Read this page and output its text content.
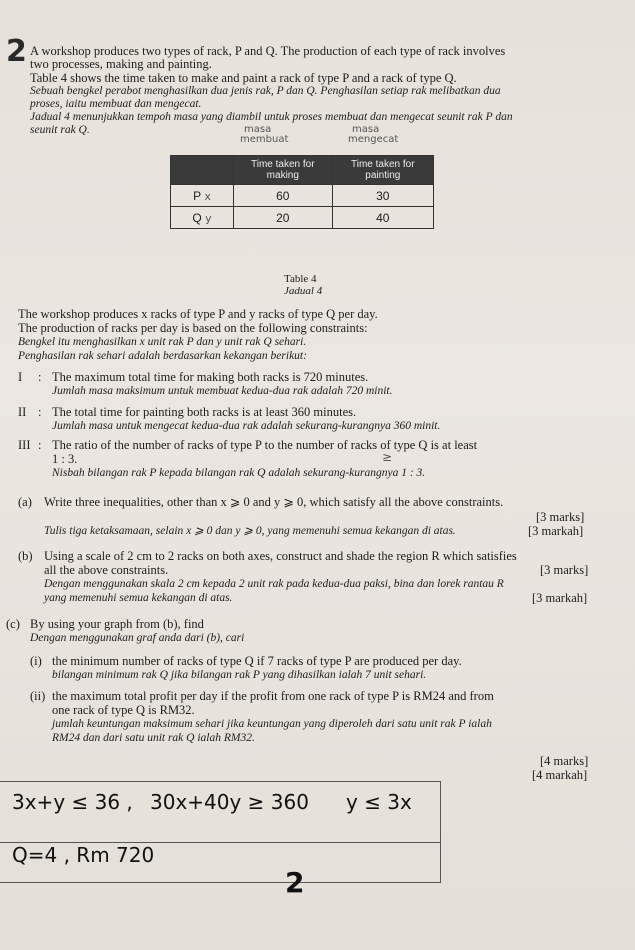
2 A workshop produces two types of rack, P and Q. The production of each type of rack involves
two processes, making and painting.
Table 4 shows the time taken to make and paint a rack of type P and a rack of type Q.
Sebuah bengkel perabot menghasilkan dua jenis rak, P dan Q. Penghasilan setiap rak melibatkan dua
proses, iaitu membuat dan mengecat.
Jadual 4 menunjukkan tempoh masa yang diambil untuk proses membuat dan mengecat seunit rak P dan
seunit rak Q.	masa
membuat
masa
mengecat
	Time taken for making	Time taken for painting
P x	60	30
Q y	20	40
Table 4
Jadual 4
The workshop produces x racks of type P and y racks of type Q per day.
The production of racks per day is based on the following constraints:
Bengkel itu menghasilkan x unit rak P dan y unit rak Q sehari.
Penghasilan rak sehari adalah berdasarkan kekangan berikut:
I : The maximum total time for making both racks is 720 minutes.
Jumlah masa maksimum untuk membuat kedua-dua rak adalah 720 minit.
II : The total time for painting both racks is at least 360 minutes.
Jumlah masa untuk mengecat kedua-dua rak adalah sekurang-kurangnya 360 minit.
III : The ratio of the number of racks of type P to the number of racks of type Q is at least
1 : 3.	≥
Nisbah bilangan rak P kepada bilangan rak Q adalah sekurang-kurangnya 1 : 3.
(a) Write three inequalities, other than x ⩾ 0 and y ⩾ 0, which satisfy all the above constraints.
[3 marks]
Tulis tiga ketaksamaan, selain x ⩾ 0 dan y ⩾ 0, yang memenuhi semua kekangan di atas.	[3 markah]
(b) Using a scale of 2 cm to 2 racks on both axes, construct and shade the region R which satisfies
all the above constraints.	[3 marks]
Dengan menggunakan skala 2 cm kepada 2 unit rak pada kedua-dua paksi, bina dan lorek rantau R
yang memenuhi semua kekangan di atas.	[3 markah]
(c) By using your graph from (b), find
Dengan menggunakan graf anda dari (b), cari
(i) the minimum number of racks of type Q if 7 racks of type P are produced per day.
bilangan minimum rak Q jika bilangan rak P yang dihasilkan ialah 7 unit sehari.
(ii) the maximum total profit per day if the profit from one rack of type P is RM24 and from
one rack of type Q is RM32.
jumlah keuntungan maksimum sehari jika keuntungan yang diperoleh dari satu unit rak P ialah
RM24 dan dari satu unit rak Q ialah RM32.
[4 marks]
[4 markah]
3x+y ≤ 36 , 30x+40y ≥ 360 y ≤ 3x
Q=4 , Rm 720
2
